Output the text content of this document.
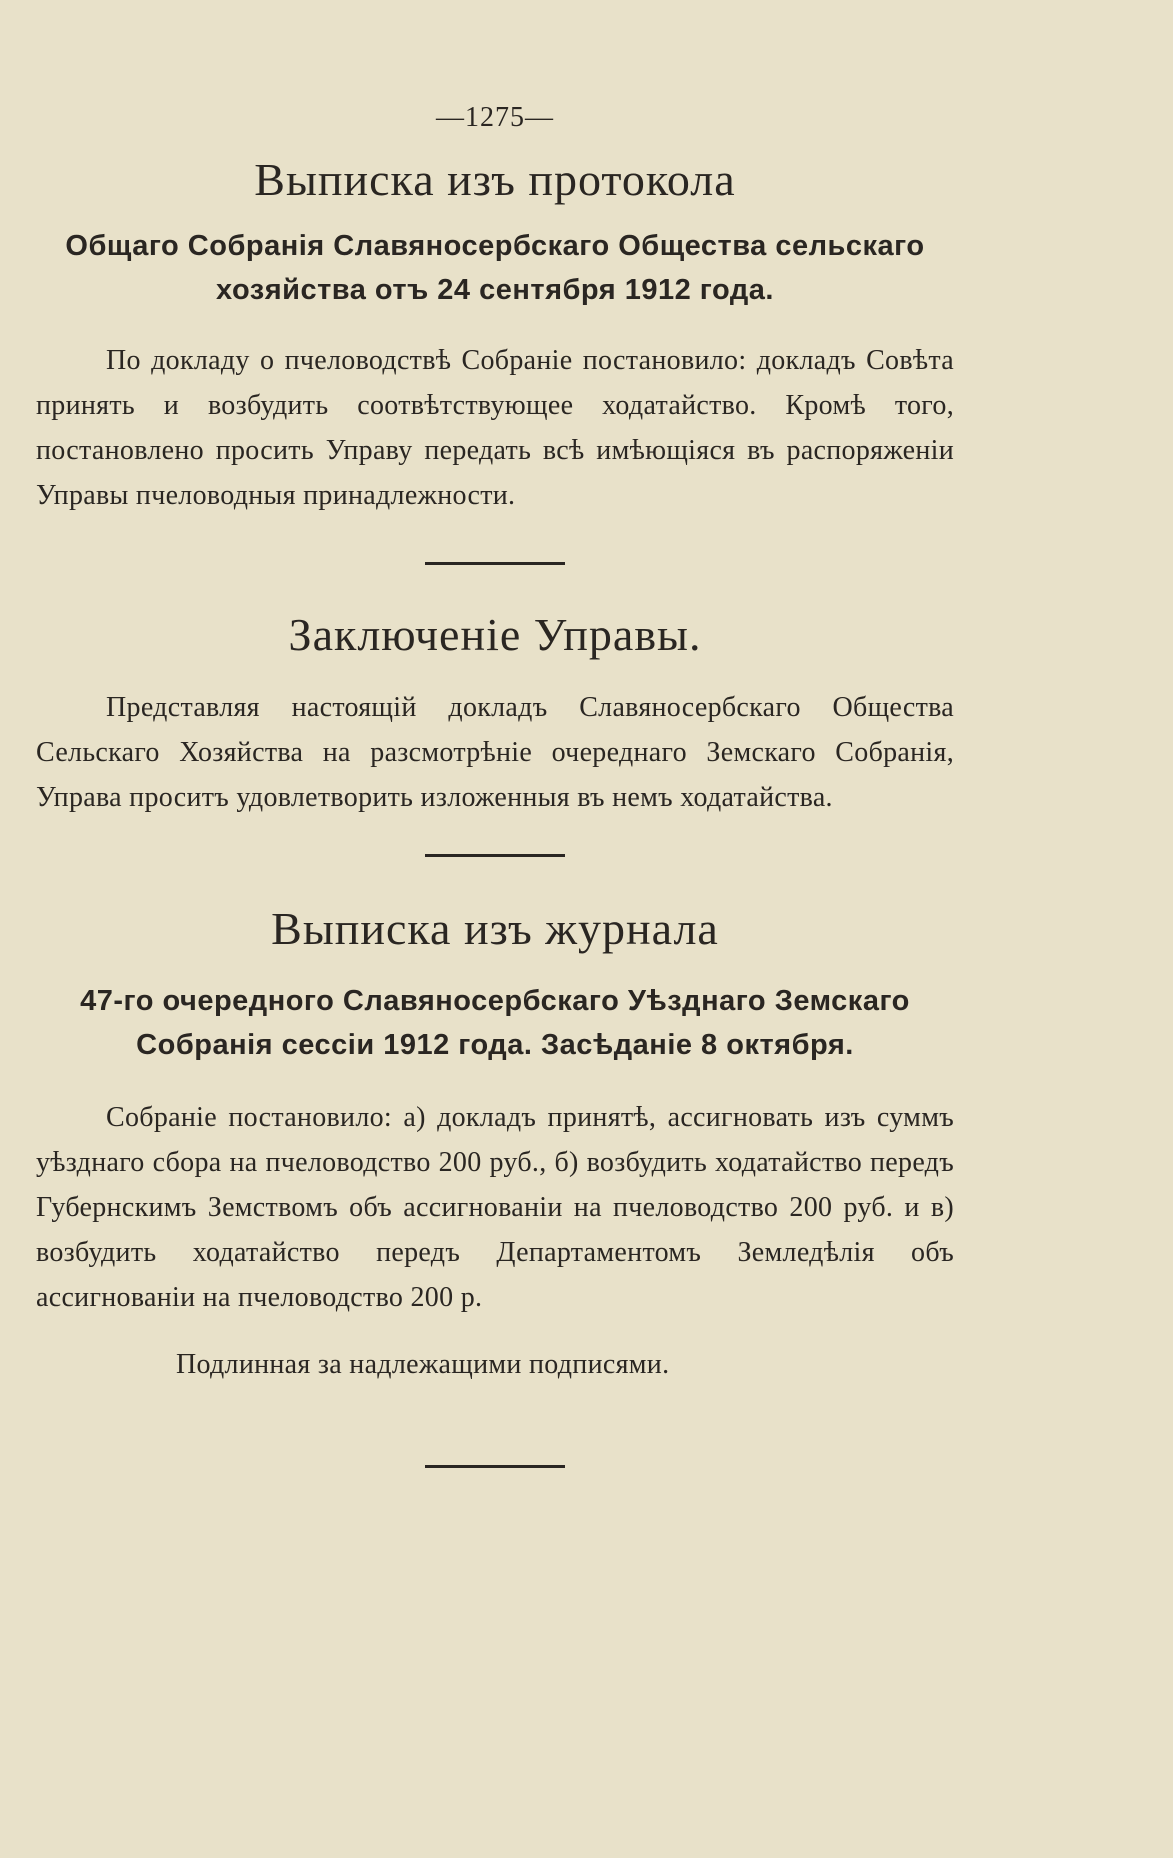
—1275—
Выписка изъ протокола
Общаго Собранія Славяносербскаго Общества сельскаго
хозяйства отъ 24 сентября 1912 года.

По докладу о пчеловодствѣ Собраніе постановило: докладъ Совѣта принять и возбудить соотвѣтствующее ходатайство. Кромѣ того, постановлено просить Управу передать всѣ имѣющіяся въ распоряженіи Управы пчеловодныя принадлежности.

Заключеніе Управы.

Представляя настоящій докладъ Славяносербскаго Общества Сельскаго Хозяйства на разсмотрѣніе очереднаго Земскаго Собранія, Управа проситъ удовлетворить изложенныя въ немъ ходатайства.

Выписка изъ журнала
47-го очередного Славяносербскаго Уѣзднаго Земскаго
Собранія сессіи 1912 года. Засѣданіе 8 октября.

Собраніе постановило: а) докладъ принятѣ, ассигновать изъ суммъ уѣзднаго сбора на пчеловодство 200 руб., б) возбудить ходатайство передъ Губернскимъ Земствомъ объ ассигнованіи на пчеловодство 200 руб. и в) возбудить ходатайство передъ Департаментомъ Земледѣлія объ ассигнованіи на пчеловодство 200 р.

Подлинная за надлежащими подписями.
